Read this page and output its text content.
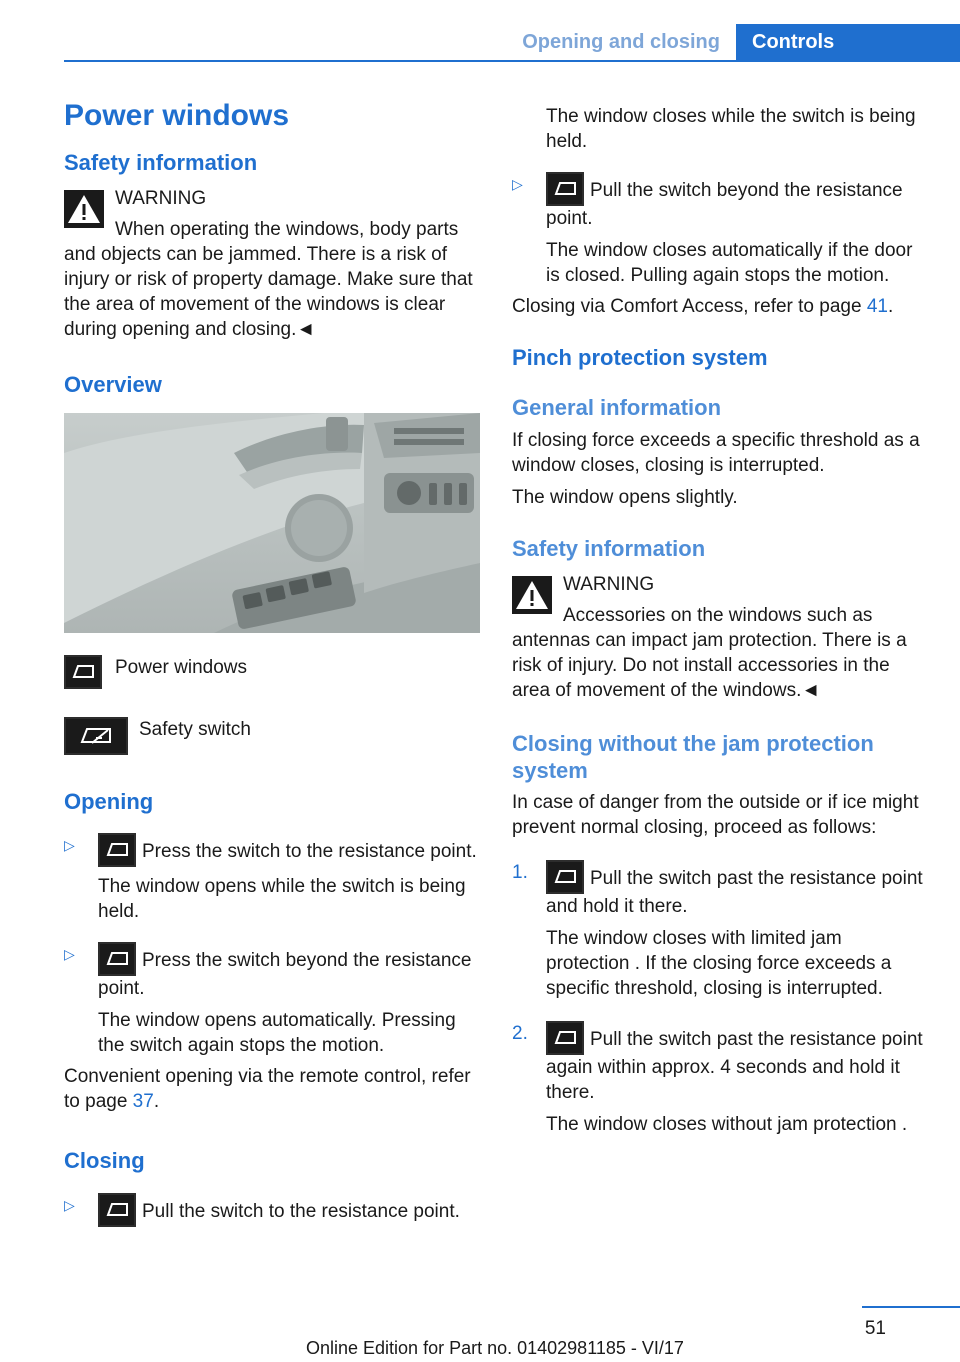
Opening and closing	Controls
Power windows
Safety information

WARNING

When operating the windows, body parts and objects can be jammed. There is a risk of injury or risk of property damage. Make sure that the area of movement of the windows is clear during opening and closing.◄

Overview
Power windows
Safety switch
Opening
▷	Press the switch to the resistance point.

The window opens while the switch is being held.

▷	Press the switch beyond the resistance point.

The window opens automatically. Pressing the switch again stops the motion.

Convenient opening via the remote control, refer to page 37.

Closing
▷	Pull the switch to the resistance point.

The window closes while the switch is being held.

▷	Pull the switch beyond the resistance point.

The window closes automatically if the door is closed. Pulling again stops the motion.

Closing via Comfort Access, refer to page 41.

Pinch protection system
General information

If closing force exceeds a specific threshold as a window closes, closing is interrupted.

The window opens slightly.

Safety information

WARNING

Accessories on the windows such as antennas can impact jam protection. There is a risk of injury. Do not install accessories in the area of movement of the windows.◄

Closing without the jam protection system

In case of danger from the outside or if ice might prevent normal closing, proceed as follows:

1.	Pull the switch past the resistance point and hold it there.

The window closes with limited jam protection . If the closing force exceeds a specific threshold, closing is interrupted.

2.	Pull the switch past the resistance point again within approx. 4 seconds and hold it there.

The window closes without jam protection .

51
Online Edition for Part no. 01402981185 - VI/17
